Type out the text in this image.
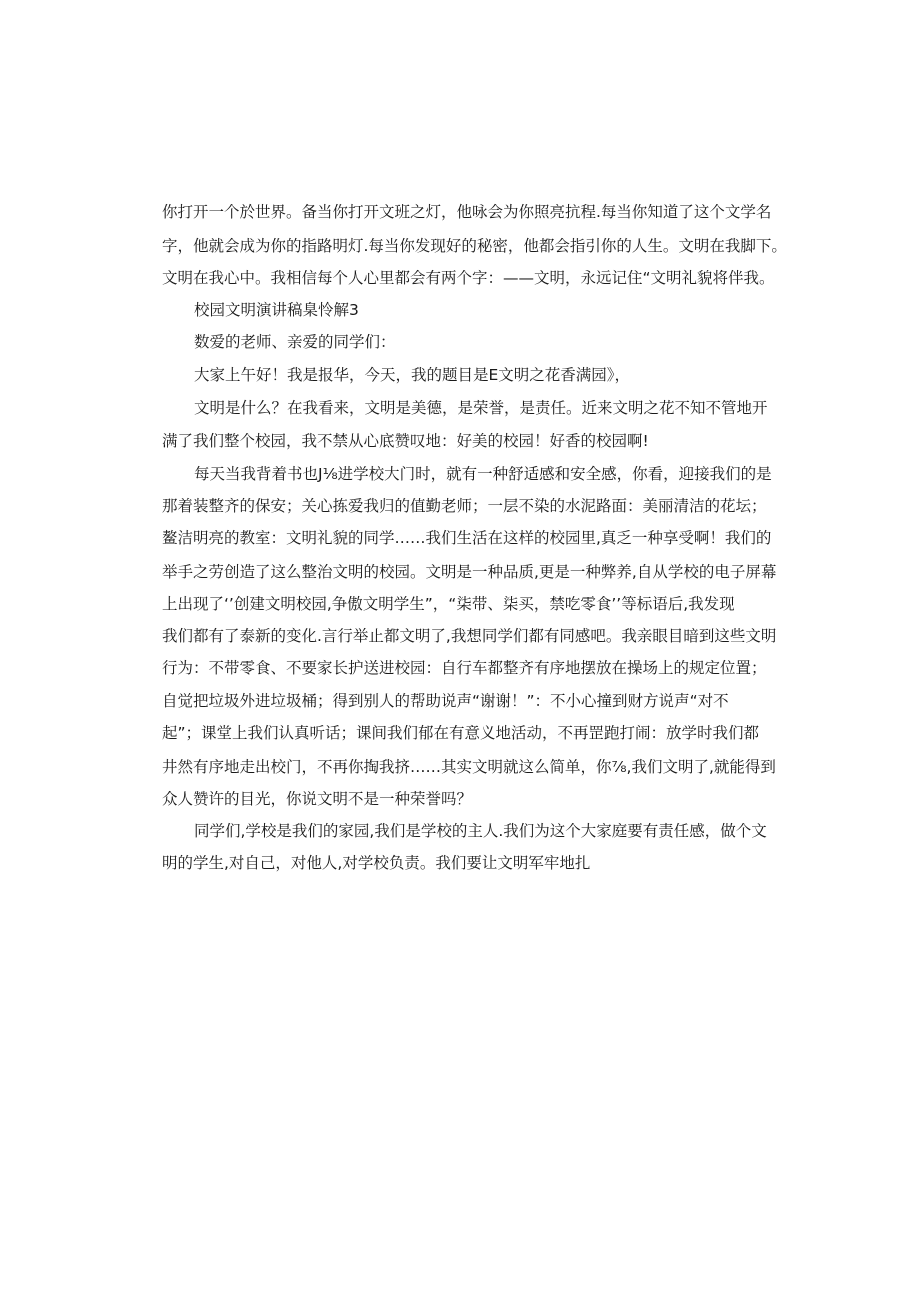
你打开一个於世界。备当你打开文班之灯，他咏会为你照亮抗程.每当你知道了这个文学名

字，他就会成为你的指路明灯.每当你发现好的秘密，他都会指引你的人生。文明在我脚下。

文明在我心中。我相信每个人心里都会有两个字：——文明，永远记住“文明礼貌将伴我。

校园文明演讲稿臬怜解3

数爱的老师、亲爱的同学们：

大家上午好！我是报华，今天，我的题目是E文明之花香满园》，

文明是什么？在我看来，文明是美德，是荣誉，是责任。近来文明之花不知不管地开

满了我们整个校园，我不禁从心底赞叹地：好美的校园！好香的校园啊!

每天当我背着书也J⅛进学校大门时，就有一种舒适感和安全感，你看，迎接我们的是

那着装整齐的保安；关心拣爱我归的值勤老师；一层不染的水泥路面：美丽清洁的花坛；

鳌洁明亮的教室：文明礼貌的同学……我们生活在这样的校园里,真乏一种享受啊！我们的

举手之劳创造了这么整治文明的校园。文明是一种品质,更是一种弊养,自从学校的电子屏幕

上出现了‘’创建文明校园,争傲文明学生”，“柒带、柒买，禁吃零食’’等标语后,我发现

我们都有了泰新的变化.言行举止都文明了,我想同学们都有同感吧。我亲眼目暗到这些文明

行为：不带零食、不要家长护送进校园：自行车都整齐有序地摆放在操场上的规定位置；

自觉把垃圾外进垃圾桶；得到别人的帮助说声“谢谢！”：不小心撞到财方说声“对不

起”；课堂上我们认真听话；课间我们郁在有意义地活动，不再罡跑打闹：放学时我们都

井然有序地走出校门，不再你掏我挤……其实文明就这么简单，你⅞,我们文明了,就能得到

众人赞许的目光，你说文明不是一种荣誉吗？

同学们,学校是我们的家园,我们是学校的主人.我们为这个大家庭要有责任感，做个文

明的学生,对自己，对他人,对学校负责。我们要让文明军牢地扎
